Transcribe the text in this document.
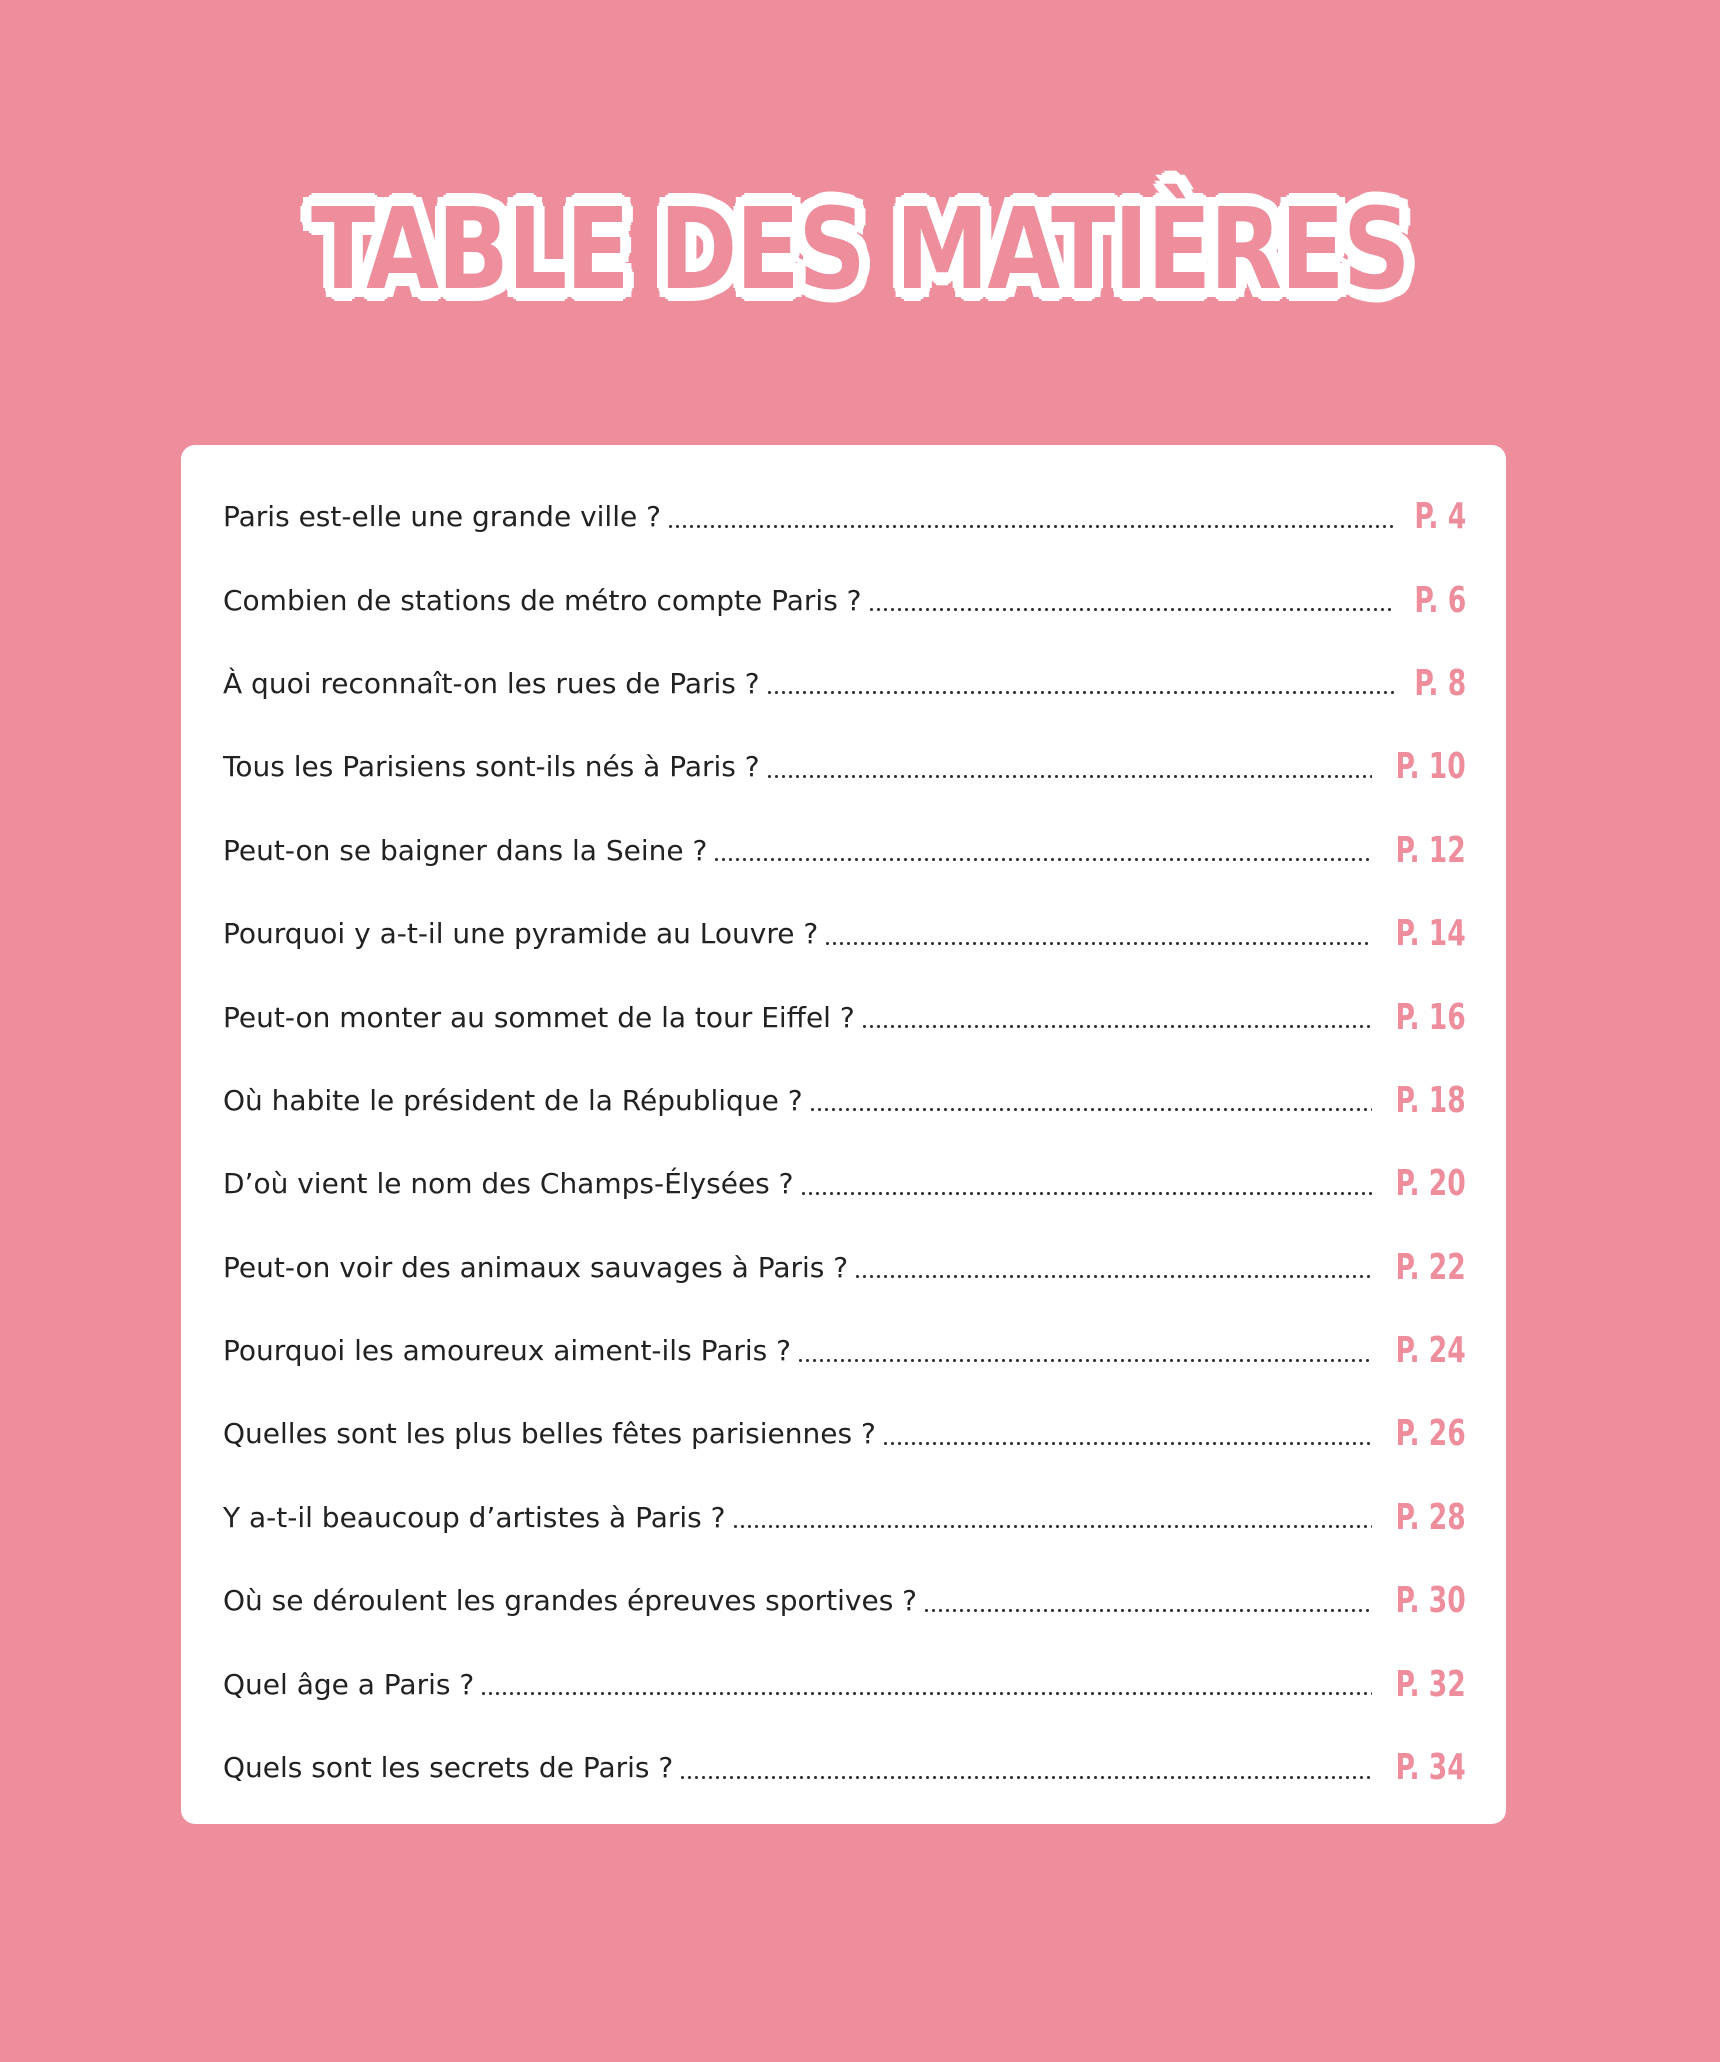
TABLE DES MATIÈRES
Paris est-elle une grande ville ?	P. 4
Combien de stations de métro compte Paris ?	P. 6
À quoi reconnaît-on les rues de Paris ?	P. 8
Tous les Parisiens sont-ils nés à Paris ?	P. 10
Peut-on se baigner dans la Seine ?	P. 12
Pourquoi y a-t-il une pyramide au Louvre ?	P. 14
Peut-on monter au sommet de la tour Eiffel ?	P. 16
Où habite le président de la République ?	P. 18
D’où vient le nom des Champs-Élysées ?	P. 20
Peut-on voir des animaux sauvages à Paris ?	P. 22
Pourquoi les amoureux aiment-ils Paris ?	P. 24
Quelles sont les plus belles fêtes parisiennes ?	P. 26
Y a-t-il beaucoup d’artistes à Paris ?	P. 28
Où se déroulent les grandes épreuves sportives ?	P. 30
Quel âge a Paris ?	P. 32
Quels sont les secrets de Paris ?	P. 34
